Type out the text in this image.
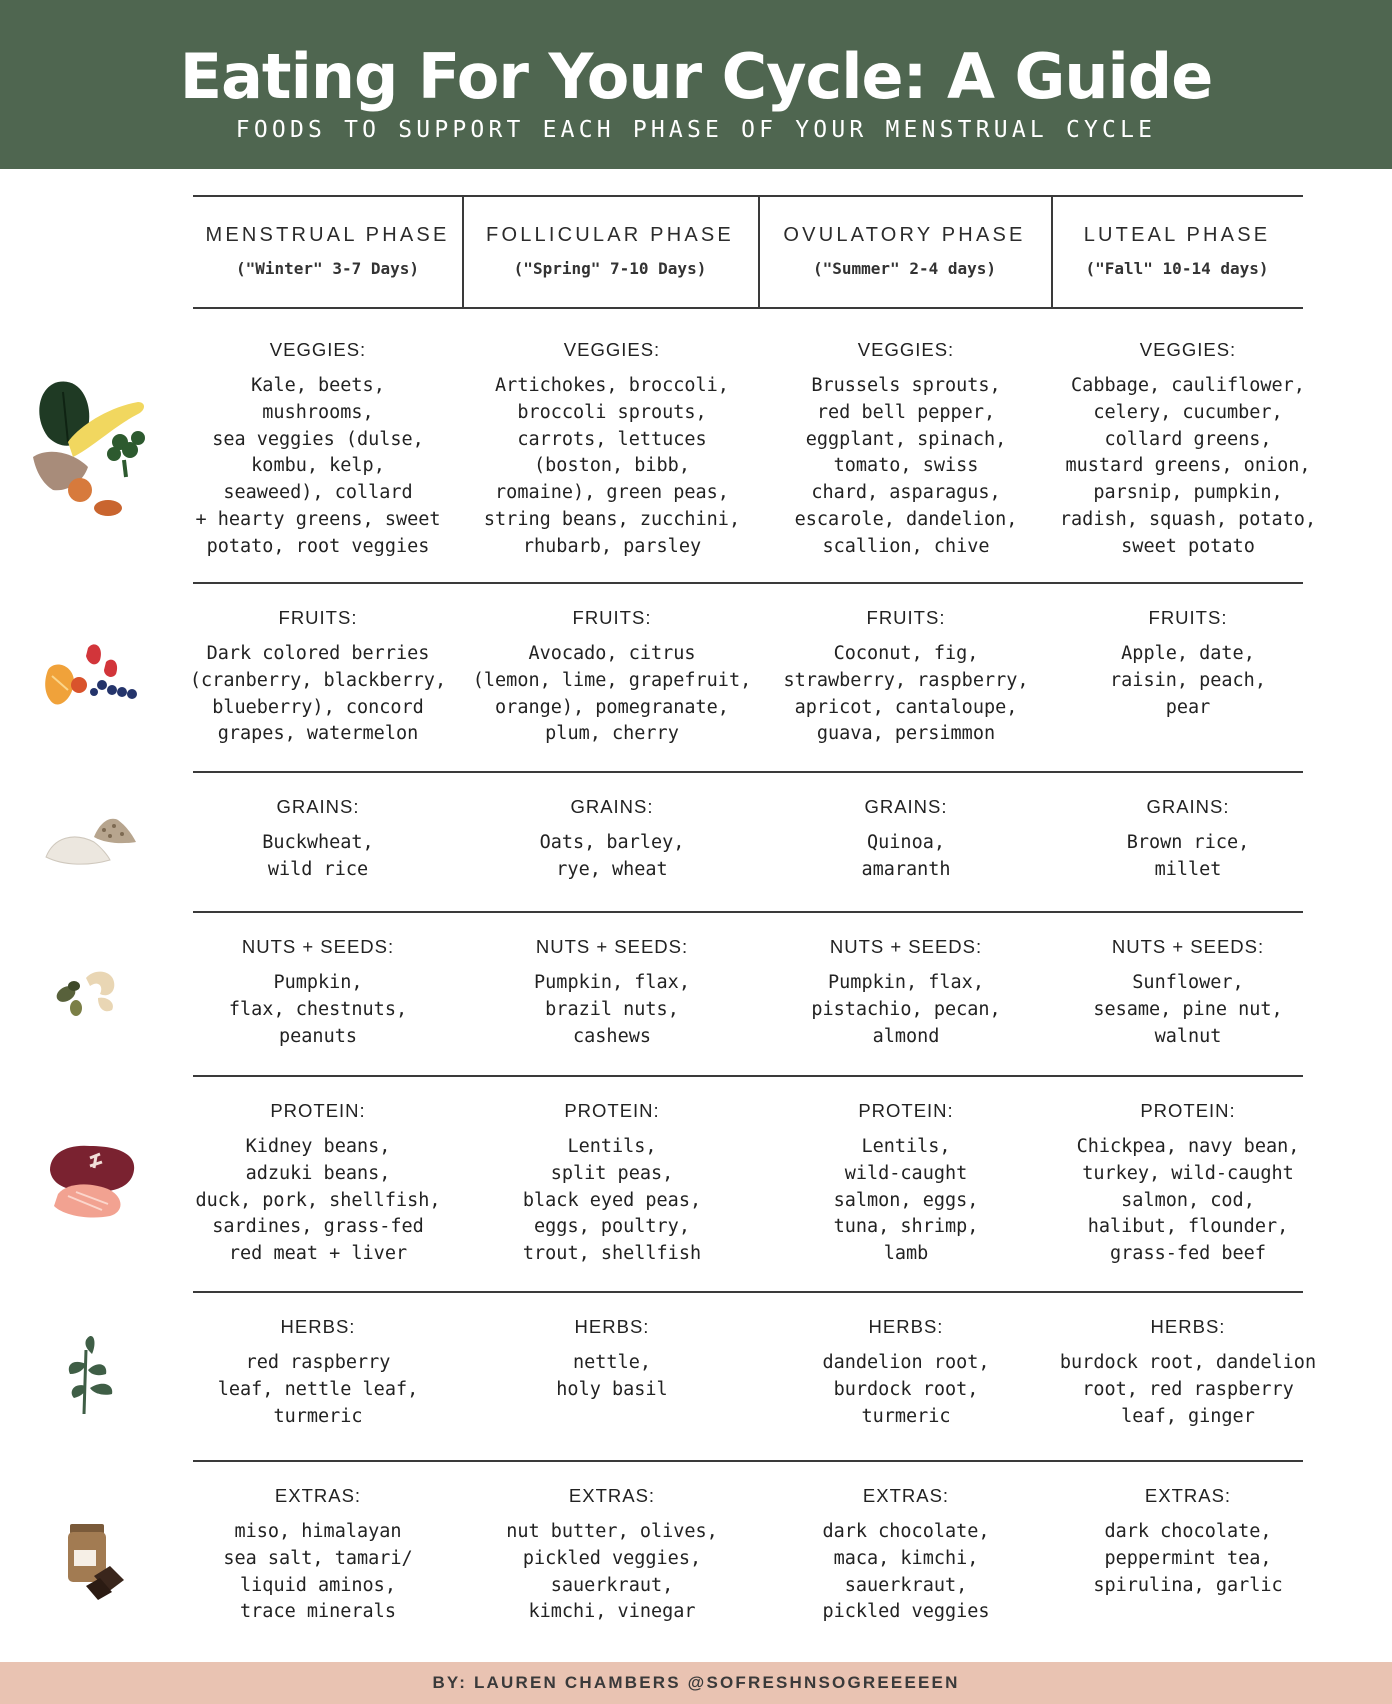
Eating For Your Cycle: A Guide
FOODS TO SUPPORT EACH PHASE OF YOUR MENSTRUAL CYCLE
MENSTRUAL PHASE
("Winter" 3-7 Days)
FOLLICULAR PHASE
("Spring" 7-10 Days)
OVULATORY PHASE
("Summer" 2-4 days)
LUTEAL PHASE
("Fall" 10-14 days)
VEGGIES:
Kale, beets,
mushrooms,
sea veggies (dulse,
kombu, kelp,
seaweed), collard
+ hearty greens, sweet
potato, root veggies
VEGGIES:
Artichokes, broccoli,
broccoli sprouts,
carrots, lettuces
(boston, bibb,
romaine), green peas,
string beans, zucchini,
rhubarb, parsley
VEGGIES:
Brussels sprouts,
red bell pepper,
eggplant, spinach,
tomato, swiss
chard, asparagus,
escarole, dandelion,
scallion, chive
VEGGIES:
Cabbage, cauliflower,
celery, cucumber,
collard greens,
mustard greens, onion,
parsnip, pumpkin,
radish, squash, potato,
sweet potato
FRUITS:
Dark colored berries
(cranberry, blackberry,
blueberry), concord
grapes, watermelon
FRUITS:
Avocado, citrus
(lemon, lime, grapefruit,
orange), pomegranate,
plum, cherry
FRUITS:
Coconut, fig,
strawberry, raspberry,
apricot, cantaloupe,
guava, persimmon
FRUITS:
Apple, date,
raisin, peach,
pear
GRAINS:
Buckwheat,
wild rice
GRAINS:
Oats, barley,
rye, wheat
GRAINS:
Quinoa,
amaranth
GRAINS:
Brown rice,
millet
NUTS + SEEDS:
Pumpkin,
flax, chestnuts,
peanuts
NUTS + SEEDS:
Pumpkin, flax,
brazil nuts,
cashews
NUTS + SEEDS:
Pumpkin, flax,
pistachio, pecan,
almond
NUTS + SEEDS:
Sunflower,
sesame, pine nut,
walnut
PROTEIN:
Kidney beans,
adzuki beans,
duck, pork, shellfish,
sardines, grass-fed
red meat + liver
PROTEIN:
Lentils,
split peas,
black eyed peas,
eggs, poultry,
trout, shellfish
PROTEIN:
Lentils,
wild-caught
salmon, eggs,
tuna, shrimp,
lamb
PROTEIN:
Chickpea, navy bean,
turkey, wild-caught
salmon, cod,
halibut, flounder,
grass-fed beef
HERBS:
red raspberry
leaf, nettle leaf,
turmeric
HERBS:
nettle,
holy basil
HERBS:
dandelion root,
burdock root,
turmeric
HERBS:
burdock root, dandelion
root, red raspberry
leaf, ginger
EXTRAS:
miso, himalayan
sea salt, tamari/
liquid aminos,
trace minerals
EXTRAS:
nut butter, olives,
pickled veggies,
sauerkraut,
kimchi, vinegar
EXTRAS:
dark chocolate,
maca, kimchi,
sauerkraut,
pickled veggies
EXTRAS:
dark chocolate,
peppermint tea,
spirulina, garlic
BY: LAUREN CHAMBERS @SOFRESHNSOGREEEEEN
